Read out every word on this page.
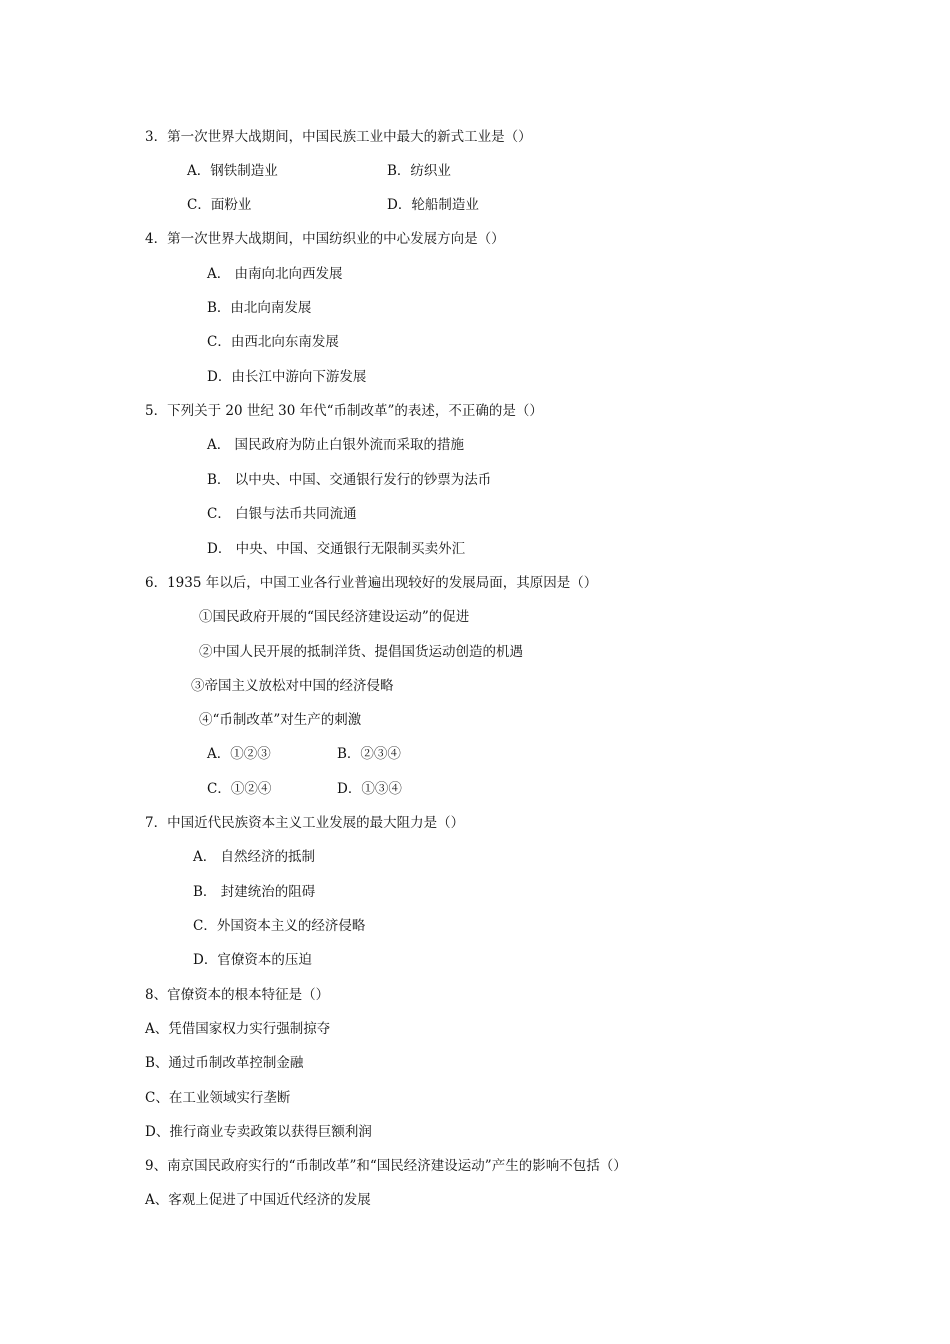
3．第一次世界大战期间，中国民族工业中最大的新式工业是（）
A．钢铁制造业	B．纺织业
C．面粉业	D．轮船制造业
4．第一次世界大战期间，中国纺织业的中心发展方向是（）
A． 由南向北向西发展
B．由北向南发展
C．由西北向东南发展
D．由长江中游向下游发展
5．下列关于 20 世纪 30 年代“币制改革”的表述，不正确的是（）
A． 国民政府为防止白银外流而采取的措施
B． 以中央、中国、交通银行发行的钞票为法币
C． 白银与法币共同流通
D． 中央、中国、交通银行无限制买卖外汇
6．1935 年以后，中国工业各行业普遍出现较好的发展局面，其原因是（）
①国民政府开展的“国民经济建设运动”的促进
②中国人民开展的抵制洋货、提倡国货运动创造的机遇
③帝国主义放松对中国的经济侵略
④“币制改革”对生产的刺激
A．①②③	B．②③④
C．①②④	D．①③④
7．中国近代民族资本主义工业发展的最大阻力是（）
A． 自然经济的抵制
B． 封建统治的阻碍
C．外国资本主义的经济侵略
D．官僚资本的压迫
8、官僚资本的根本特征是（）
A、凭借国家权力实行强制掠夺
B、通过币制改革控制金融
C、在工业领域实行垄断
D、推行商业专卖政策以获得巨额利润
9、南京国民政府实行的“币制改革”和“国民经济建设运动”产生的影响不包括（）
A、客观上促进了中国近代经济的发展
